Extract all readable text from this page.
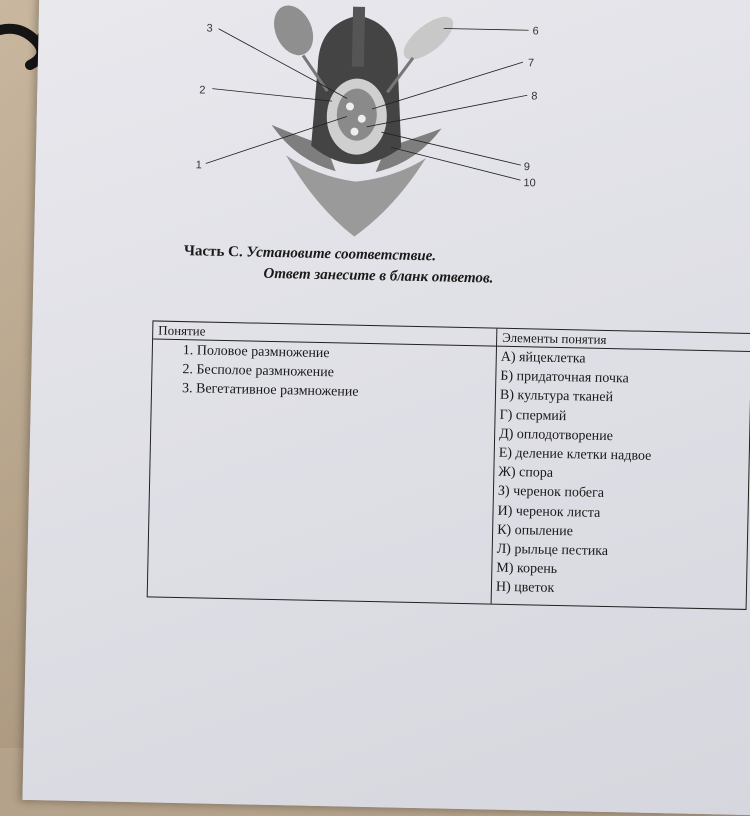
1
2
3	6
7
8
9
10
Часть С. Установите соответствие.
Ответ занесите в бланк ответов.
Понятие
1. Половое размножение
2. Бесполое размножение
3. Вегетативное размножение
Элементы понятия
А) яйцеклетка
Б) придаточная почка
В) культура тканей
Г) спермий
Д) оплодотворение
Е) деление клетки надвое
Ж) спора
З) черенок побега
И) черенок листа
К) опыление
Л) рыльце пестика
М) корень
Н) цветок
